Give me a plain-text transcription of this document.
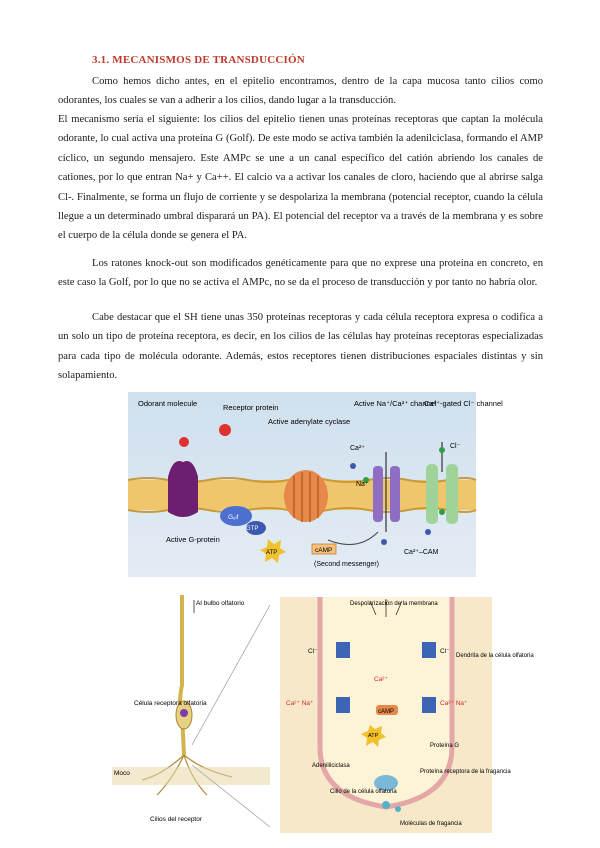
3.1. MECANISMOS DE TRANSDUCCIÓN

Como hemos dicho antes, en el epitelio encontramos, dentro de la capa mucosa tanto cilios como odorantes, los cuales se van a adherir a los cilios, dando lugar a la transducción.

El mecanismo sería el siguiente: los cilios del epitelio tienen unas proteínas receptoras que captan la molécula odorante, lo cual activa una proteína G (Golf). De este modo se activa también la adenilciclasa, formando el AMP cíclico, un segundo mensajero. Este AMPc se une a un canal específico del catión abriendo los canales de cationes, por lo que entran Na+ y Ca++. El calcio va a activar los canales de cloro, haciendo que al abrirse salga Cl-. Finalmente, se forma un flujo de corriente y se despolariza la membrana (potencial receptor, cuando la célula llegue a un determinado umbral disparará un PA). El potencial del receptor va a través de la membrana y es sobre el cuerpo de la célula donde se genera el PA.

Los ratones knock-out son modificados genéticamente para que no exprese una proteína en concreto, en este caso la Golf, por lo que no se activa el AMPc, no se da el proceso de transducción y por tanto no habría olor.

Cabe destacar que el SH tiene unas 350 proteínas receptoras y cada célula receptora expresa o codifica a un solo un tipo de proteína receptora, es decir, en los cilios de las células hay proteínas receptoras especializadas para cada tipo de molécula odorante. Además, estos receptores tienen distribuciones espaciales distintas y sin solapamiento.

Odorant molecule	Receptor protein
Active adenylate cyclase
Active Na⁺/Ca²⁺ channel
Ca²⁺-gated Cl⁻ channel
Ca²⁺
Na⁺
Cl⁻
Gₒₗf
GTP
Active G-protein
ATP	cAMP
(Second messenger)
Ca²⁺–CAM
Al bulbo olfatorio
Célula receptora olfatoria
Moco
Cilios del receptor
Despolarización de la membrana
Dendrita de la célula olfatoria
Cl⁻	Cl⁻
Ca²⁺ Na⁺	Ca²⁺ Na⁺
Ca²⁺
cAMP
ATP
Proteína G
Adenililciclasa
Proteína receptora de la fragancia
Cilio de la célula olfatoria
Moléculas de fragancia
